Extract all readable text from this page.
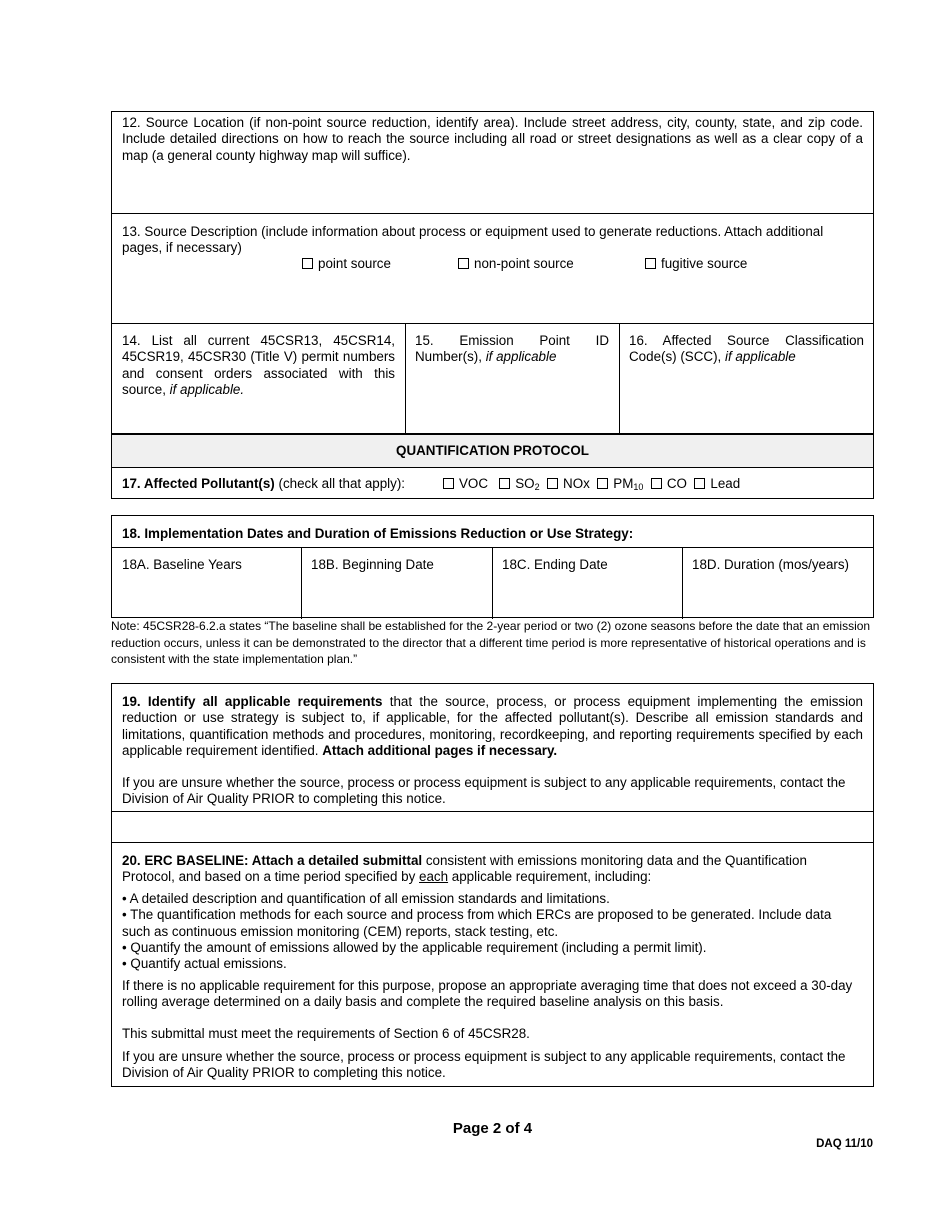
12. Source Location (if non-point source reduction, identify area). Include street address, city, county, state, and zip code. Include detailed directions on how to reach the source including all road or street designations as well as a clear copy of a map (a general county highway map will suffice).
13. Source Description (include information about process or equipment used to generate reductions. Attach additional pages, if necessary)
point source	non-point source	fugitive source
14. List all current 45CSR13, 45CSR14, 45CSR19, 45CSR30 (Title V) permit numbers and consent orders associated with this source, if applicable.
15. Emission Point ID Number(s), if applicable
16. Affected Source Classification Code(s) (SCC), if applicable
QUANTIFICATION PROTOCOL
17. Affected Pollutant(s) (check all that apply):	VOC $SO_2$ NOx $PM_{10}$ CO Lead
18. Implementation Dates and Duration of Emissions Reduction or Use Strategy:
18A. Baseline Years	18B. Beginning Date	18C. Ending Date	18D. Duration (mos/years)
Note: 45CSR28-6.2.a states “The baseline shall be established for the 2-year period or two (2) ozone seasons before the date that an emission reduction occurs, unless it can be demonstrated to the director that a different time period is more representative of historical operations and is consistent with the state implementation plan.”
19. Identify all applicable requirements that the source, process, or process equipment implementing the emission reduction or use strategy is subject to, if applicable, for the affected pollutant(s). Describe all emission standards and limitations, quantification methods and procedures, monitoring, recordkeeping, and reporting requirements specified by each applicable requirement identified. Attach additional pages if necessary.
If you are unsure whether the source, process or process equipment is subject to any applicable requirements, contact the Division of Air Quality PRIOR to completing this notice.
20. ERC BASELINE: Attach a detailed submittal consistent with emissions monitoring data and the Quantification Protocol, and based on a time period specified by each applicable requirement, including:
• A detailed description and quantification of all emission standards and limitations.
• The quantification methods for each source and process from which ERCs are proposed to be generated. Include data such as continuous emission monitoring (CEM) reports, stack testing, etc.
• Quantify the amount of emissions allowed by the applicable requirement (including a permit limit).
• Quantify actual emissions.
If there is no applicable requirement for this purpose, propose an appropriate averaging time that does not exceed a 30-day rolling average determined on a daily basis and complete the required baseline analysis on this basis.
This submittal must meet the requirements of Section 6 of 45CSR28.
If you are unsure whether the source, process or process equipment is subject to any applicable requirements, contact the Division of Air Quality PRIOR to completing this notice.
Page 2 of 4
DAQ 11/10
